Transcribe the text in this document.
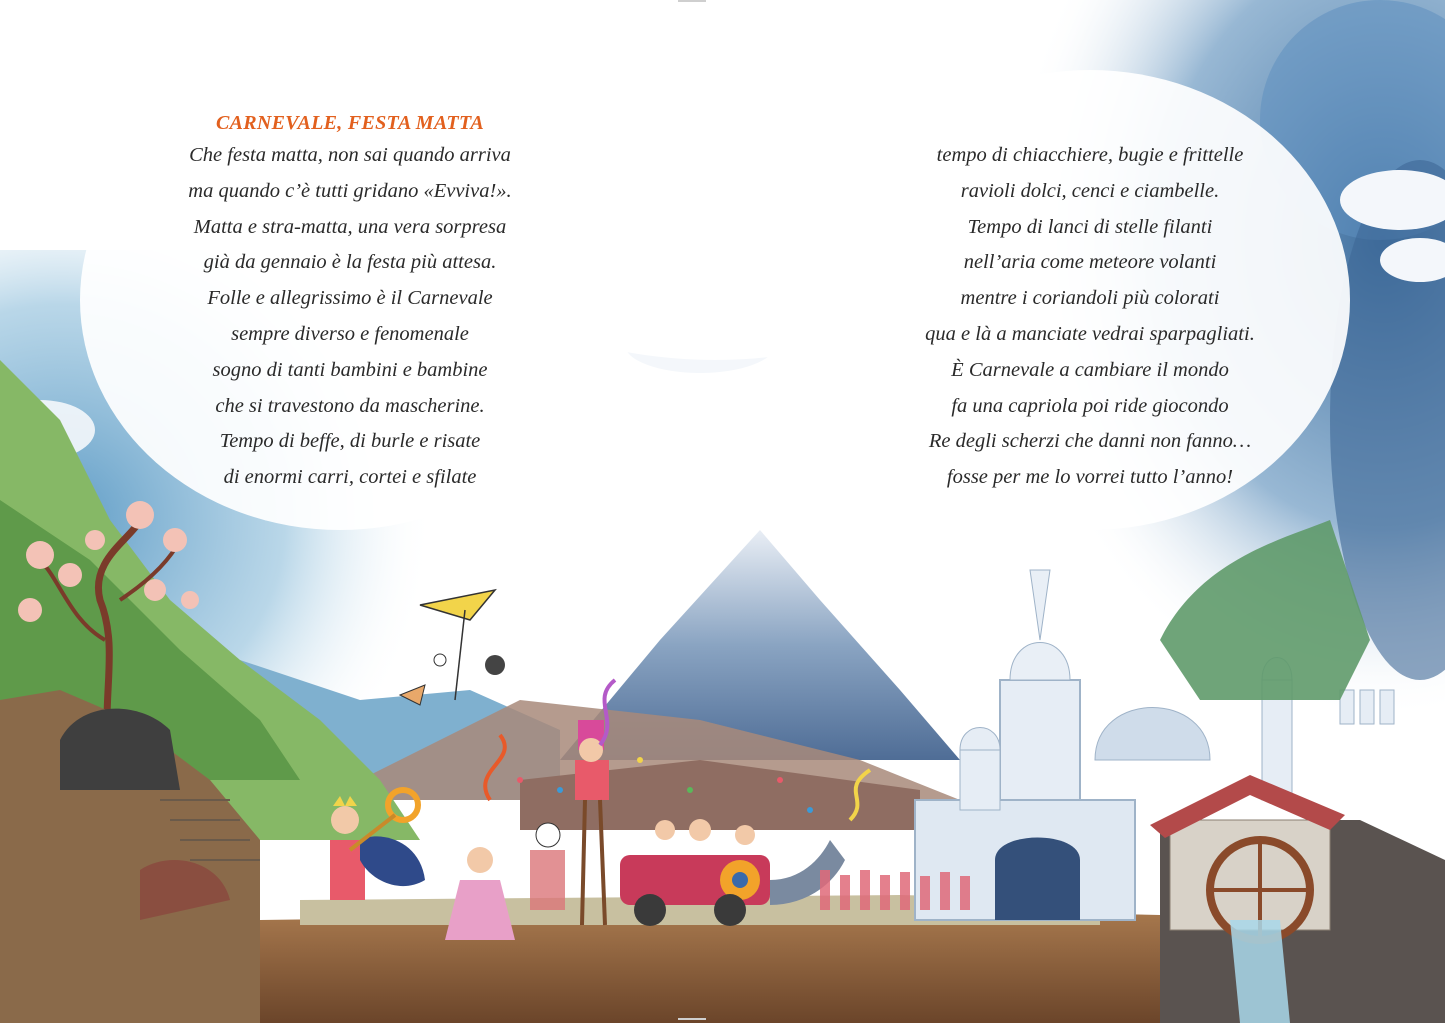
CARNEVALE, FESTA MATTA
Che festa matta, non sai quando arriva
ma quando c’è tutti gridano «Evviva!».
Matta e stra-matta, una vera sorpresa
già da gennaio è la festa più attesa.
Folle e allegrissimo è il Carnevale
sempre diverso e fenomenale
sogno di tanti bambini e bambine
che si travestono da mascherine.
Tempo di beffe, di burle e risate
di enormi carri, cortei e sfilate
tempo di chiacchiere, bugie e frittelle
ravioli dolci, cenci e ciambelle.
Tempo di lanci di stelle filanti
nell’aria come meteore volanti
mentre i coriandoli più colorati
qua e là a manciate vedrai sparpagliati.
È Carnevale a cambiare il mondo
fa una capriola poi ride giocondo
Re degli scherzi che danni non fanno…
fosse per me lo vorrei tutto l’anno!
